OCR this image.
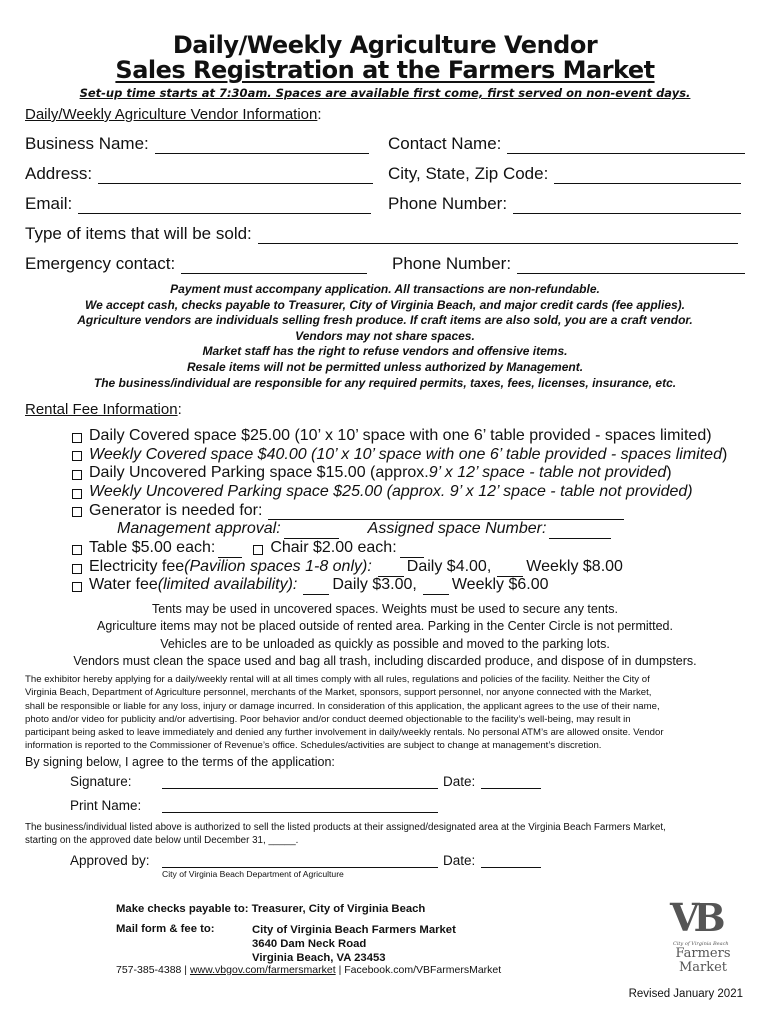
Daily/Weekly Agriculture Vendor
Sales Registration at the Farmers Market
Set-up time starts at 7:30am. Spaces are available first come, first served on non-event days.
Daily/Weekly Agriculture Vendor Information:
Business Name:	Contact Name:
Address:	City, State, Zip Code:
Email:	Phone Number:
Type of items that will be sold:
Emergency contact:	Phone Number:
Payment must accompany application. All transactions are non-refundable.
We accept cash, checks payable to Treasurer, City of Virginia Beach, and major credit cards (fee applies).
Agriculture vendors are individuals selling fresh produce. If craft items are also sold, you are a craft vendor.
Vendors may not share spaces.
Market staff has the right to refuse vendors and offensive items.
Resale items will not be permitted unless authorized by Management.
The business/individual are responsible for any required permits, taxes, fees, licenses, insurance, etc.
Rental Fee Information:
Daily Covered space $25.00 (10’ x 10’ space with one 6’ table provided - spaces limited)
Weekly Covered space $40.00 (10’ x 10’ space with one 6’ table provided - spaces limited )
Daily Uncovered Parking space $15.00 (approx. 9’ x 12’ space - table not provided )
Weekly Uncovered Parking space $25.00 (approx. 9’ x 12’ space - table not provided)
Generator is needed for:
Management approval:	Assigned space Number:
Table $5.00 each:	Chair $2.00 each:
Electricity fee (Pavilion spaces 1-8 only): Daily $4.00, Weekly $8.00
Water fee (limited availability): Daily $3.00, Weekly $6.00
Tents may be used in uncovered spaces. Weights must be used to secure any tents.
Agriculture items may not be placed outside of rented area. Parking in the Center Circle is not permitted.
Vehicles are to be unloaded as quickly as possible and moved to the parking lots.
Vendors must clean the space used and bag all trash, including discarded produce, and dispose of in dumpsters.
The exhibitor hereby applying for a daily/weekly rental will at all times comply with all rules, regulations and policies of the facility. Neither the City of
Virginia Beach, Department of Agriculture personnel, merchants of the Market, sponsors, support personnel, nor anyone connected with the Market,
shall be responsible or liable for any loss, injury or damage incurred. In consideration of this application, the applicant agrees to the use of their name,
photo and/or video for publicity and/or advertising. Poor behavior and/or conduct deemed objectionable to the facility’s well-being, may result in
participant being asked to leave immediately and denied any further involvement in daily/weekly rentals. No personal ATM’s are allowed onsite. Vendor
information is reported to the Commissioner of Revenue’s office. Schedules/activities are subject to change at management’s discretion.
By signing below, I agree to the terms of the application:
Signature:	Date:
Print Name:
The business/individual listed above is authorized to sell the listed products at their assigned/designated area at the Virginia Beach Farmers Market,
starting on the approved date below until December 31, _____.
Approved by:	Date:
City of Virginia Beach Department of Agriculture
Make checks payable to: Treasurer, City of Virginia Beach
Mail form & fee to:	City of Virginia Beach Farmers Market
3640 Dam Neck Road
Virginia Beach, VA 23453
757-385-4388 | www.vbgov.com/farmersmarket | Facebook.com/VBFarmersMarket
VB
City of Virginia Beach
Farmers
Market
Revised January 2021
